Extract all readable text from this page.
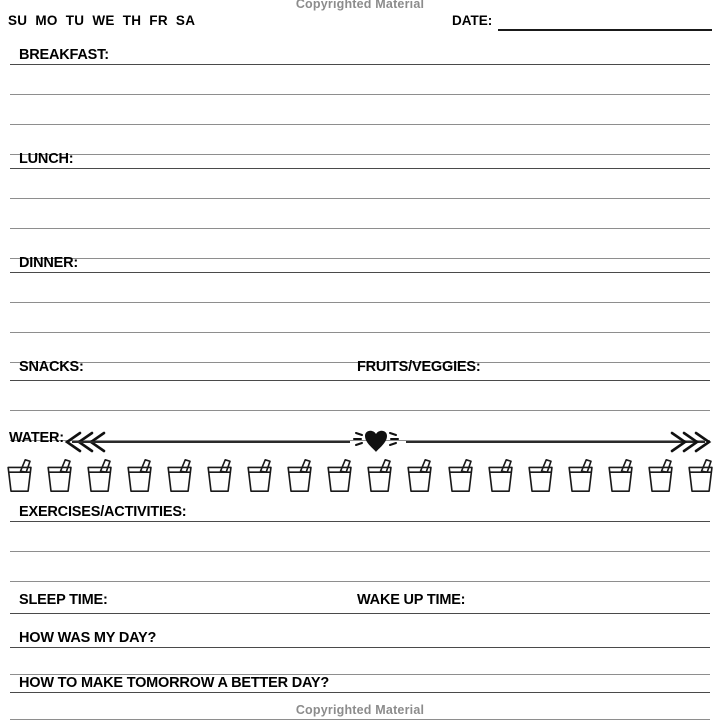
Copyrighted Material
SU MO TU WE TH FR SA	DATE:
BREAKFAST:
LUNCH:
DINNER:
SNACKS:	FRUITS/VEGGIES:
WATER:
EXERCISES/ACTIVITIES:
SLEEP TIME:	WAKE UP TIME:
HOW WAS MY DAY?
HOW TO MAKE TOMORROW A BETTER DAY?
Copyrighted Material
